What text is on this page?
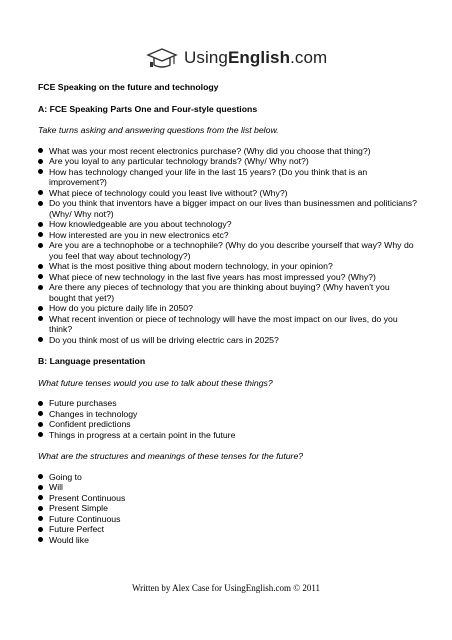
UsingEnglish.com

FCE Speaking on the future and technology

A: FCE Speaking Parts One and Four-style questions

Take turns asking and answering questions from the list below.

What was your most recent electronics purchase? (Why did you choose that thing?)
Are you loyal to any particular technology brands? (Why/ Why not?)
How has technology changed your life in the last 15 years? (Do you think that is an improvement?)
What piece of technology could you least live without? (Why?)
Do you think that inventors have a bigger impact on our lives than businessmen and politicians? (Why/ Why not?)
How knowledgeable are you about technology?
How interested are you in new electronics etc?
Are you are a technophobe or a technophile? (Why do you describe yourself that way? Why do you feel that way about technology?)
What is the most positive thing about modern technology, in your opinion?
What piece of new technology in the last five years has most impressed you? (Why?)
Are there any pieces of technology that you are thinking about buying? (Why haven't you bought that yet?)
How do you picture daily life in 2050?
What recent invention or piece of technology will have the most impact on our lives, do you think?
Do you think most of us will be driving electric cars in 2025?

B: Language presentation

What future tenses would you use to talk about these things?

Future purchases
Changes in technology
Confident predictions
Things in progress at a certain point in the future

What are the structures and meanings of these tenses for the future?

Going to
Will
Present Continuous
Present Simple
Future Continuous
Future Perfect
Would like
Written by Alex Case for UsingEnglish.com © 2011
